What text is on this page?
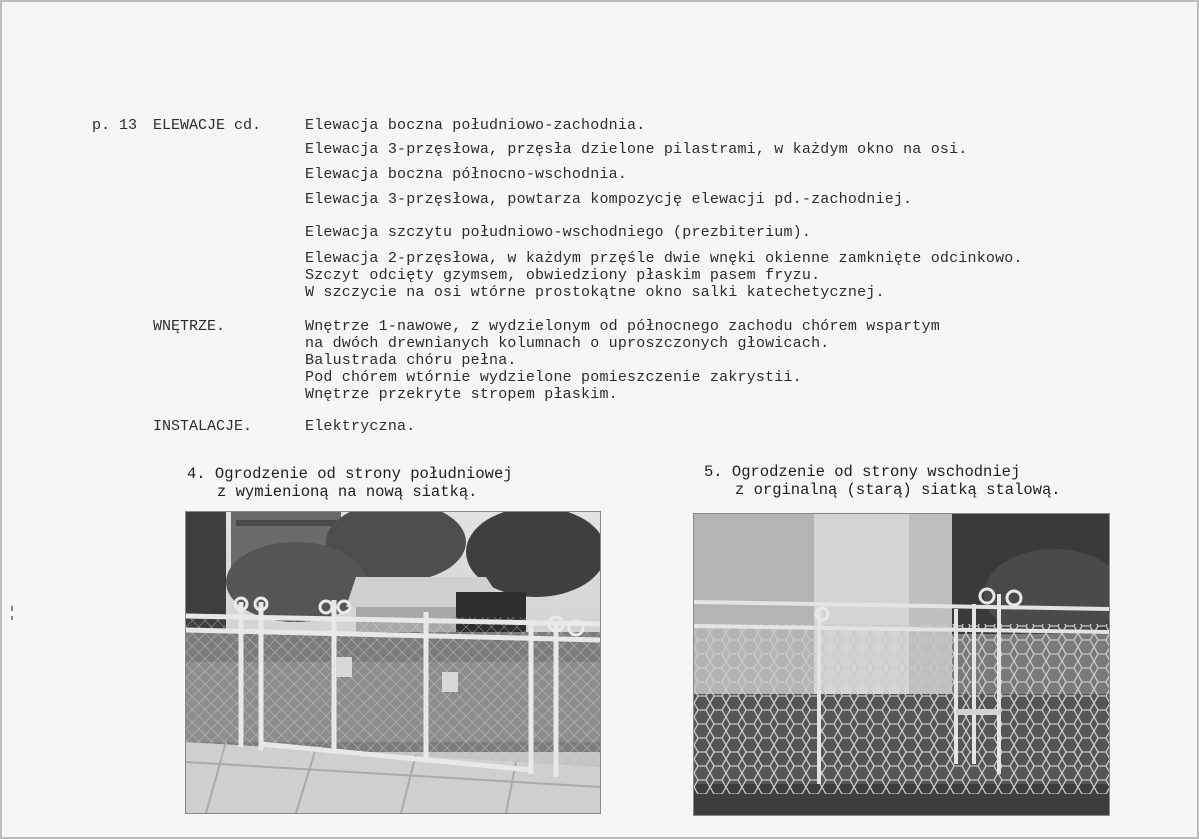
p. 13 ELEWACJE cd.	Elewacja boczna południowo-zachodnia.
Elewacja 3-przęsłowa, przęsła dzielone pilastrami, w każdym okno na osi.
Elewacja boczna północno-wschodnia.
Elewacja 3-przęsłowa, powtarza kompozycję elewacji pd.-zachodniej.
Elewacja szczytu południowo-wschodniego (prezbiterium).
Elewacja 2-przęsłowa, w każdym przęśle dwie wnęki okienne zamknięte odcinkowo.
Szczyt odcięty gzymsem, obwiedziony płaskim pasem fryzu.
W szczycie na osi wtórne prostokątne okno salki katechetycznej.
WNĘTRZE.	Wnętrze 1-nawowe, z wydzielonym od północnego zachodu chórem wspartym
na dwóch drewnianych kolumnach o uproszczonych głowicach.
Balustrada chóru pełna.
Pod chórem wtórnie wydzielone pomieszczenie zakrystii.
Wnętrze przekryte stropem płaskim.
INSTALACJE.	Elektryczna.
4. Ogrodzenie od strony południowej
z wymienioną na nową siatką.
5. Ogrodzenie od strony wschodniej
z orginalną (starą) siatką stalową.
